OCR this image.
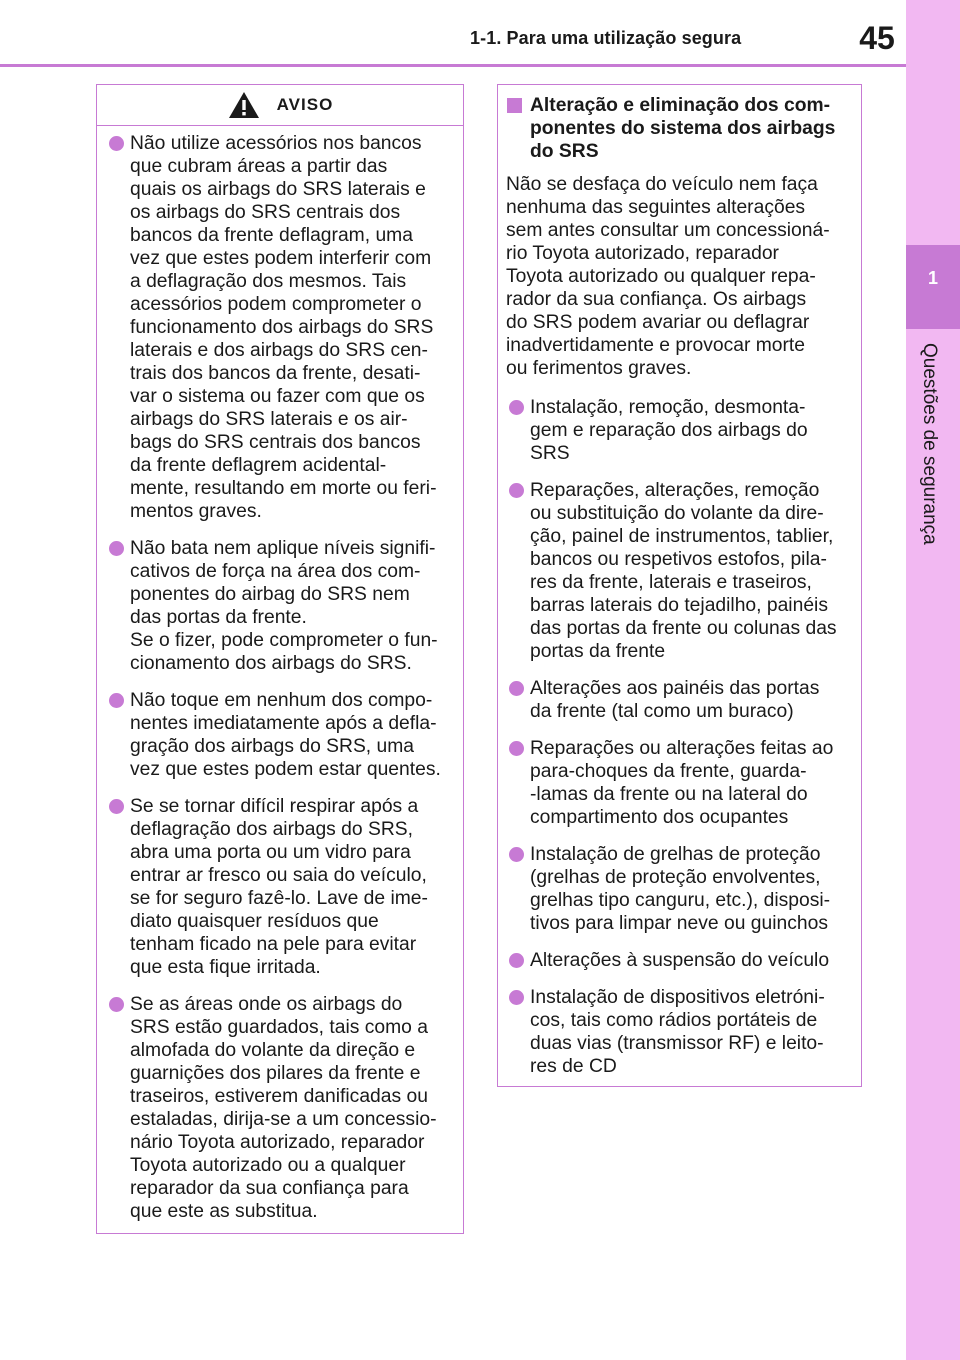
1
Questões de segurança
1-1. Para uma utilização segura	45
AVISO
Não utilize acessórios nos bancos
que cubram áreas a partir das
quais os airbags do SRS laterais e
os airbags do SRS centrais dos
bancos da frente deflagram, uma
vez que estes podem interferir com
a deflagração dos mesmos. Tais
acessórios podem comprometer o
funcionamento dos airbags do SRS
laterais e dos airbags do SRS cen-
trais dos bancos da frente, desati-
var o sistema ou fazer com que os
airbags do SRS laterais e os air-
bags do SRS centrais dos bancos
da frente deflagrem acidental-
mente, resultando em morte ou feri-
mentos graves.
Não bata nem aplique níveis signifi-
cativos de força na área dos com-
ponentes do airbag do SRS nem
das portas da frente.
Se o fizer, pode comprometer o fun-
cionamento dos airbags do SRS.
Não toque em nenhum dos compo-
nentes imediatamente após a defla-
gração dos airbags do SRS, uma
vez que estes podem estar quentes.
Se se tornar difícil respirar após a
deflagração dos airbags do SRS,
abra uma porta ou um vidro para
entrar ar fresco ou saia do veículo,
se for seguro fazê-lo. Lave de ime-
diato quaisquer resíduos que
tenham ficado na pele para evitar
que esta fique irritada.
Se as áreas onde os airbags do
SRS estão guardados, tais como a
almofada do volante da direção e
guarnições dos pilares da frente e
traseiros, estiverem danificadas ou
estaladas, dirija-se a um concessio-
nário Toyota autorizado, reparador
Toyota autorizado ou a qualquer
reparador da sua confiança para
que este as substitua.
Alteração e eliminação dos com-
ponentes do sistema dos airbags
do SRS
Não se desfaça do veículo nem faça
nenhuma das seguintes alterações
sem antes consultar um concessioná-
rio Toyota autorizado, reparador
Toyota autorizado ou qualquer repa-
rador da sua confiança. Os airbags
do SRS podem avariar ou deflagrar
inadvertidamente e provocar morte
ou ferimentos graves.
Instalação, remoção, desmonta-
gem e reparação dos airbags do
SRS
Reparações, alterações, remoção
ou substituição do volante da dire-
ção, painel de instrumentos, tablier,
bancos ou respetivos estofos, pila-
res da frente, laterais e traseiros,
barras laterais do tejadilho, painéis
das portas da frente ou colunas das
portas da frente
Alterações aos painéis das portas
da frente (tal como um buraco)
Reparações ou alterações feitas ao
para-choques da frente, guarda-
-lamas da frente ou na lateral do
compartimento dos ocupantes
Instalação de grelhas de proteção
(grelhas de proteção envolventes,
grelhas tipo canguru, etc.), disposi-
tivos para limpar neve ou guinchos
Alterações à suspensão do veículo
Instalação de dispositivos eletróni-
cos, tais como rádios portáteis de
duas vias (transmissor RF) e leito-
res de CD
